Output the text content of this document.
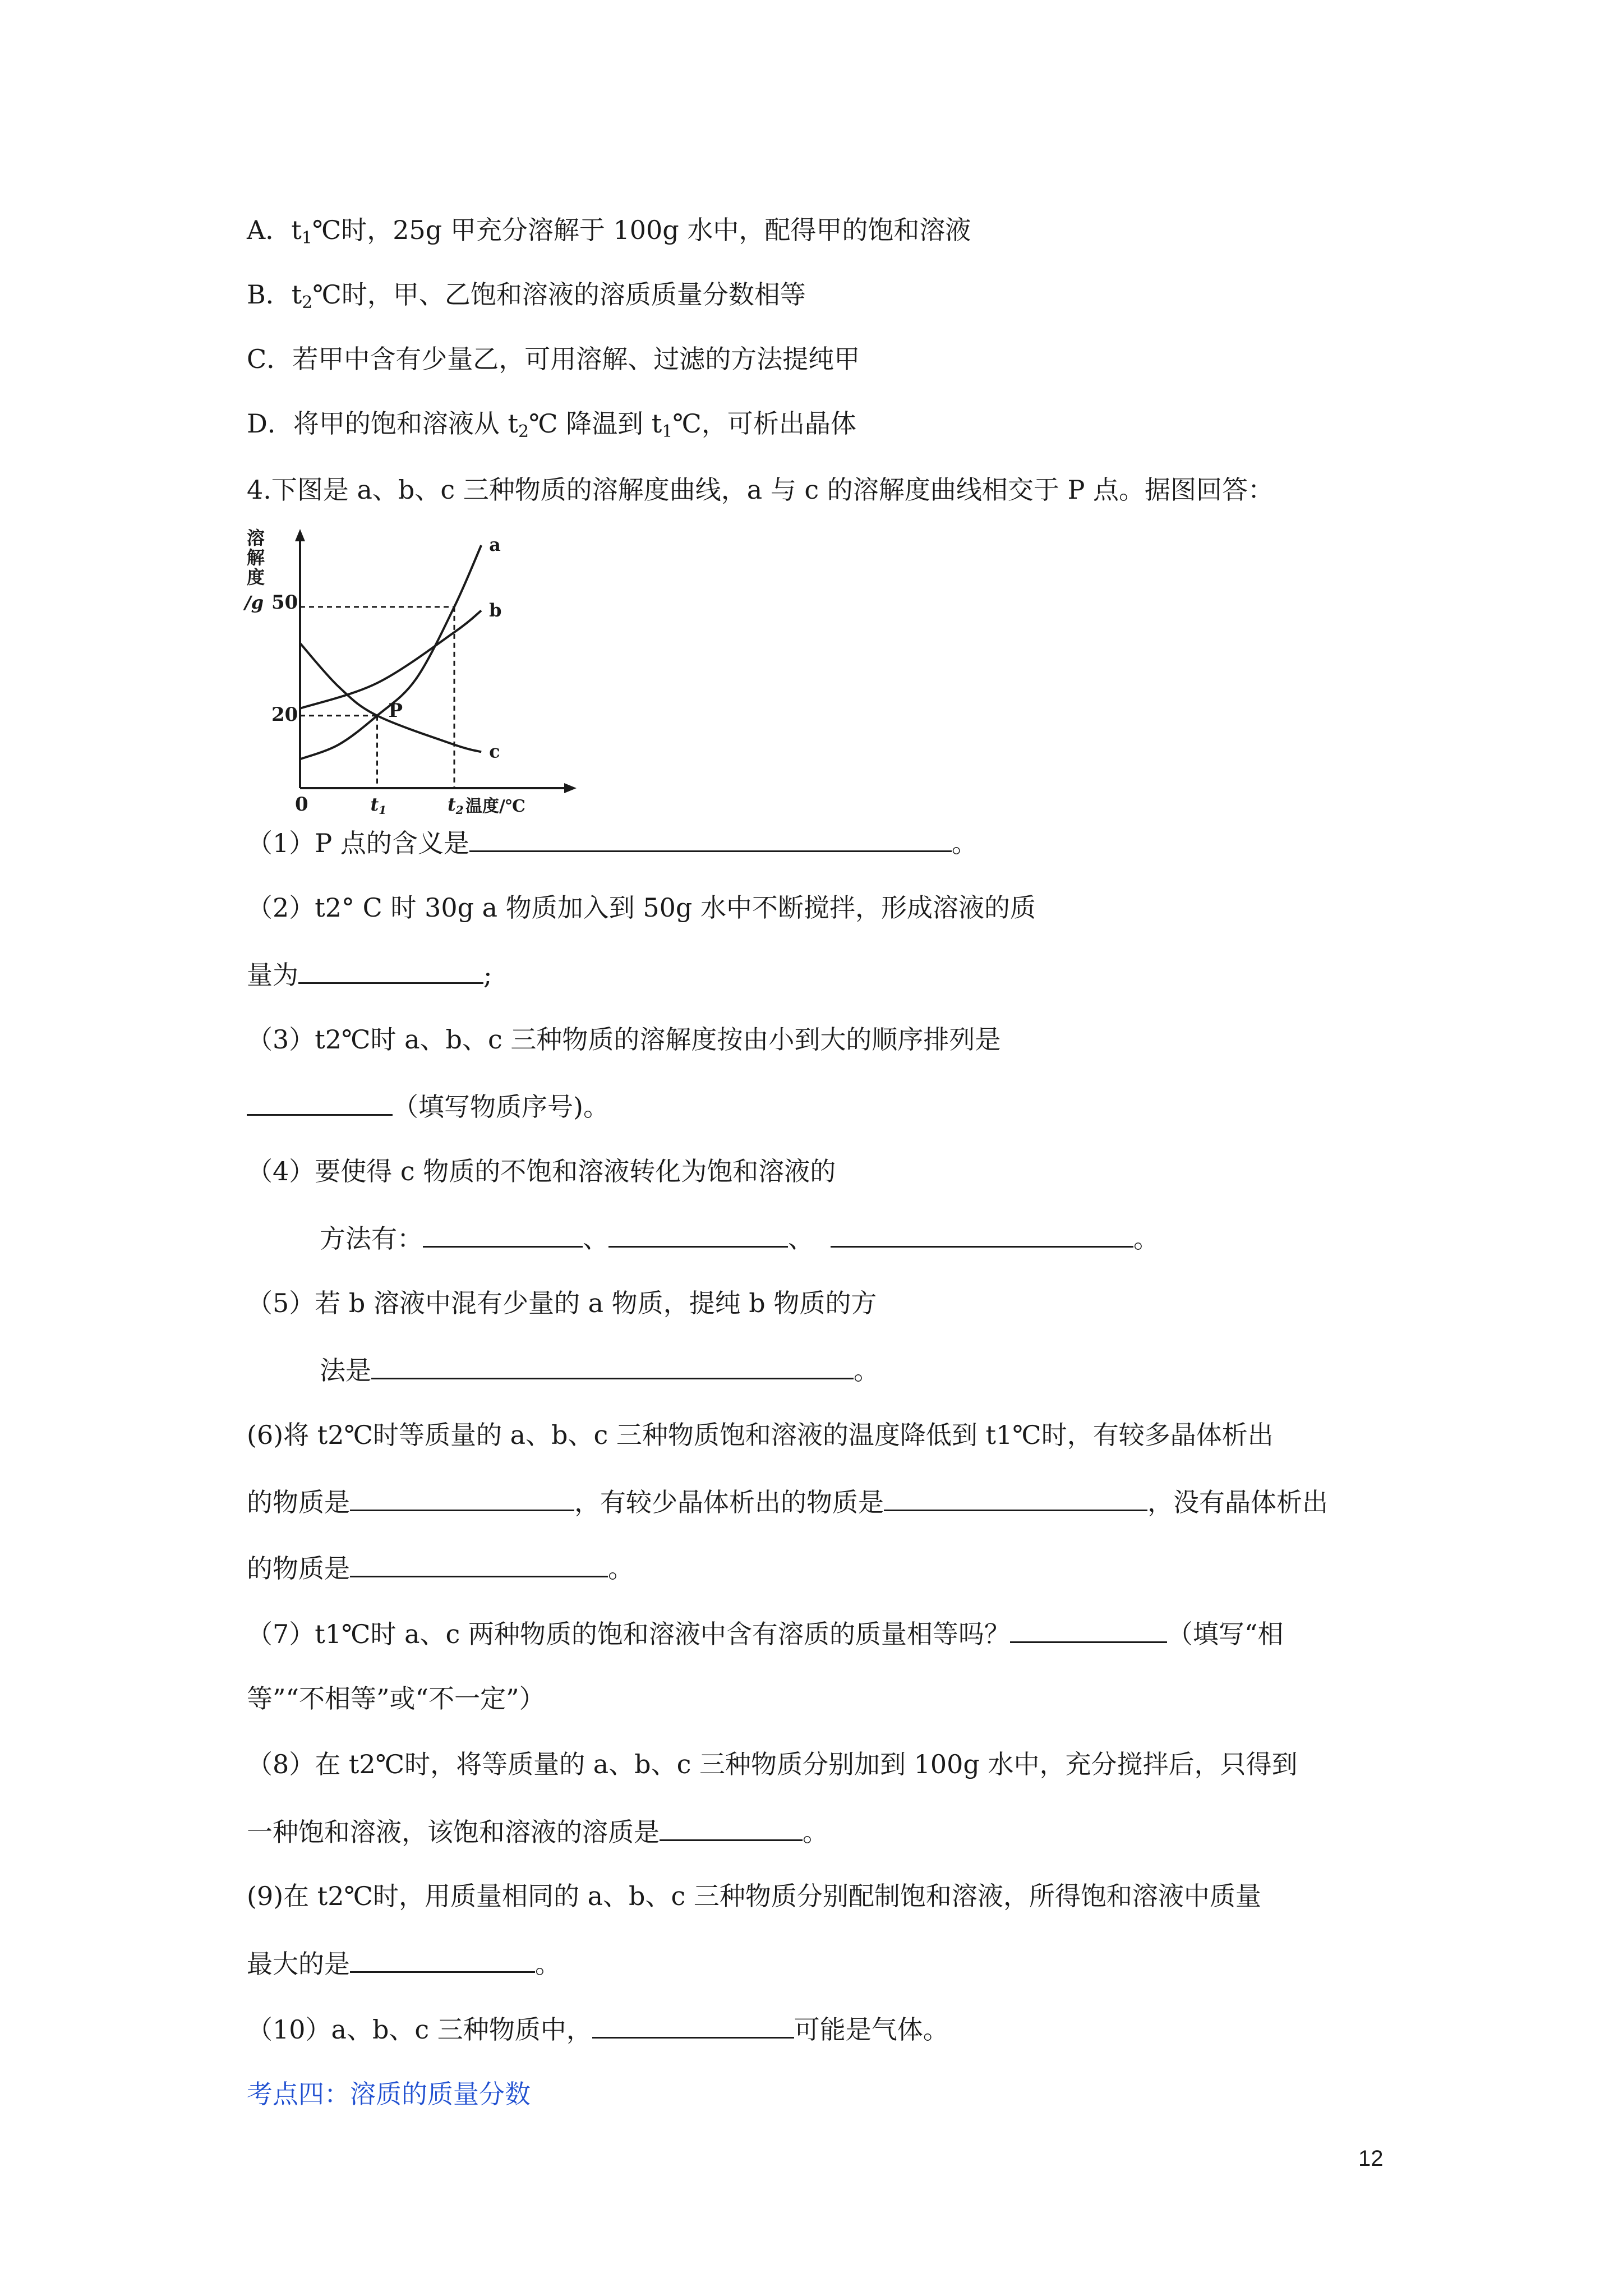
A．$t_1℃$时，25g 甲充分溶解于 100g 水中，配得甲的饱和溶液
B．$t_2℃$时，甲、乙饱和溶液的溶质质量分数相等
C．若甲中含有少量乙，可用溶解、过滤的方法提纯甲
D．将甲的饱和溶液从 $t_2℃$ 降温到 $t_1℃$，可析出晶体
4.下图是 a、b、c 三种物质的溶解度曲线，a 与 c 的溶解度曲线相交于 P 点。据图回答：
溶
解
度
/g 50
20
0	t1	t2 温度/℃
P
a
b
c
（1）P 点的含义是	。
（2）t2° C 时 30g a 物质加入到 50g 水中不断搅拌，形成溶液的质
量为	;
（3）t2℃时 a、b、c 三种物质的溶解度按由小到大的顺序排列是
（填写物质序号)。
（4）要使得 c 物质的不饱和溶液转化为饱和溶液的
方法有：	、	、	。
（5）若 b 溶液中混有少量的 a 物质，提纯 b 物质的方
法是	。
(6)将 t2℃时等质量的 a、b、c 三种物质饱和溶液的温度降低到 t1℃时，有较多晶体析出
的物质是	，有较少晶体析出的物质是	，没有晶体析出
的物质是	。
（7）t1℃时 a、c 两种物质的饱和溶液中含有溶质的质量相等吗？	（填写“相
等”“不相等”或“不一定”）
（8）在 t2℃时，将等质量的 a、b、c 三种物质分别加到 100g 水中，充分搅拌后，只得到
一种饱和溶液，该饱和溶液的溶质是	。
(9)在 t2℃时，用质量相同的 a、b、c 三种物质分别配制饱和溶液，所得饱和溶液中质量
最大的是	。
（10）a、b、c 三种物质中，	可能是气体。
考点四：溶质的质量分数
12
